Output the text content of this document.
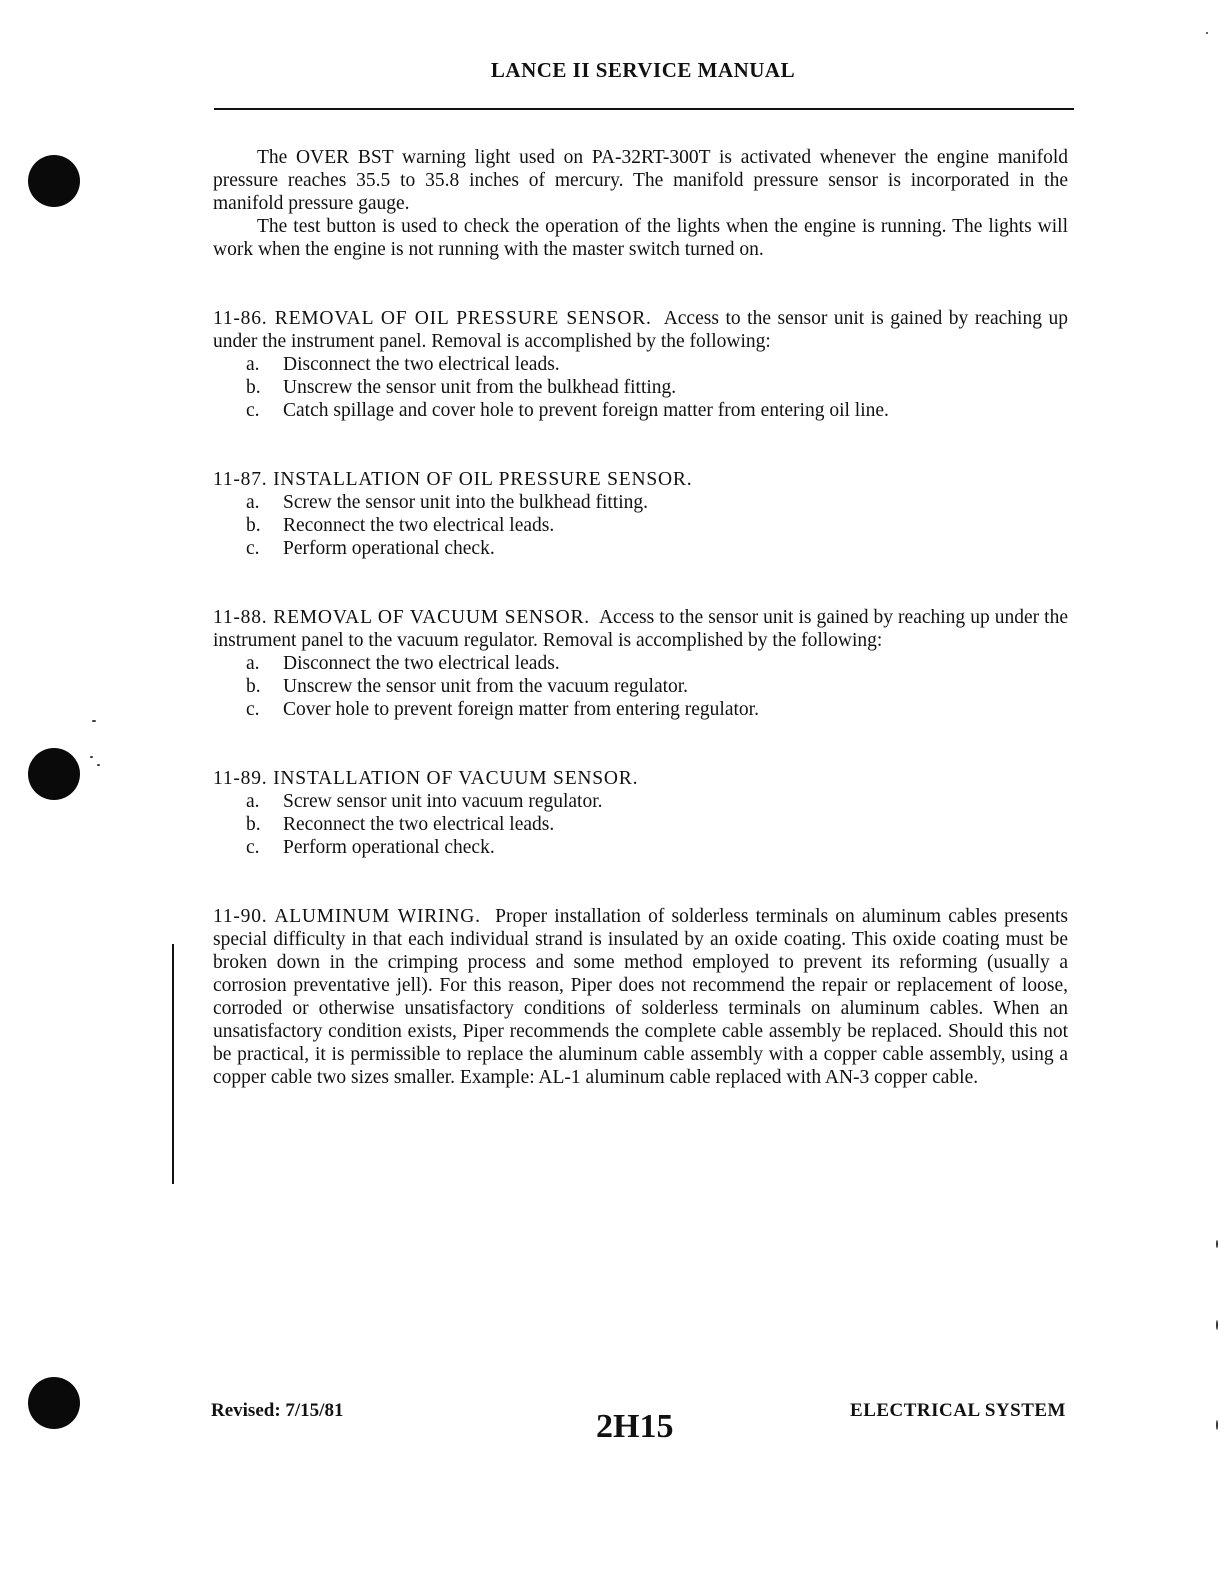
LANCE II SERVICE MANUAL

The OVER BST warning light used on PA-32RT-300T is activated whenever the engine manifold pressure reaches 35.5 to 35.8 inches of mercury. The manifold pressure sensor is incorporated in the manifold pressure gauge.

The test button is used to check the operation of the lights when the engine is running. The lights will work when the engine is not running with the master switch turned on.

11-86. REMOVAL OF OIL PRESSURE SENSOR. Access to the sensor unit is gained by reaching up under the instrument panel. Removal is accomplished by the following:

a.	Disconnect the two electrical leads.
b.	Unscrew the sensor unit from the bulkhead fitting.
c.	Catch spillage and cover hole to prevent foreign matter from entering oil line.

11-87. INSTALLATION OF OIL PRESSURE SENSOR.

a.	Screw the sensor unit into the bulkhead fitting.
b.	Reconnect the two electrical leads.
c.	Perform operational check.

11-88. REMOVAL OF VACUUM SENSOR. Access to the sensor unit is gained by reaching up under the instrument panel to the vacuum regulator. Removal is accomplished by the following:

a.	Disconnect the two electrical leads.
b.	Unscrew the sensor unit from the vacuum regulator.
c.	Cover hole to prevent foreign matter from entering regulator.

11-89. INSTALLATION OF VACUUM SENSOR.

a.	Screw sensor unit into vacuum regulator.
b.	Reconnect the two electrical leads.
c.	Perform operational check.

11-90. ALUMINUM WIRING. Proper installation of solderless terminals on aluminum cables presents special difficulty in that each individual strand is insulated by an oxide coating. This oxide coating must be broken down in the crimping process and some method employed to prevent its reforming (usually a corrosion preventative jell). For this reason, Piper does not recommend the repair or replacement of loose, corroded or otherwise unsatisfactory conditions of solderless terminals on aluminum cables. When an unsatisfactory condition exists, Piper recommends the complete cable assembly be replaced. Should this not be practical, it is permissible to replace the aluminum cable assembly with a copper cable assembly, using a copper cable two sizes smaller. Example: AL-1 aluminum cable replaced with AN-3 copper cable.

Revised: 7/15/81	2H15	ELECTRICAL SYSTEM
